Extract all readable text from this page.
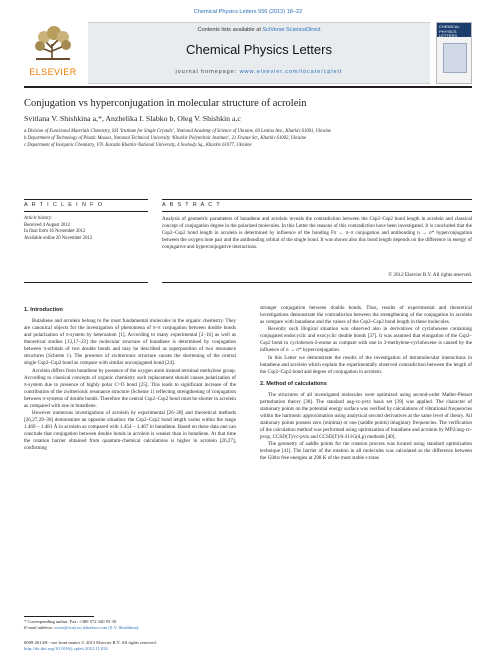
Chemical Physics Letters 556 (2013) 18–22
ELSEVIER
Contents lists available at SciVerse ScienceDirect
Chemical Physics Letters
journal homepage: www.elsevier.com/locate/cplett
CHEMICAL PHYSICS LETTERS
Conjugation vs hyperconjugation in molecular structure of acrolein
Svitlana V. Shishkina a,*, Anzhelika I. Slabko b, Oleg V. Shishkin a,c
a Division of Functional Materials Chemistry, SSI ‘Institute for Single Crystals’, National Academy of Science of Ukraine, 60 Lenina Ave., Kharkiv 61001, Ukraine
b Department of Technology of Plastic Masses, National Technical University ‘Kharkiv Polytechnic Institute’, 21 Frunze Str., Kharkiv 61002, Ukraine
c Department of Inorganic Chemistry, V.N. Karazin Kharkiv National University, 4 Svobody Sq., Kharkiv 61077, Ukraine
A R T I C L E I N F O	A B S T R A C T
Article history:
Received 4 August 2012
In final form 16 November 2012
Available online 20 November 2012
Analysis of geometric parameters of butadiene and acrolein reveals the contradiction between the Csp2–Csp2 bond length in acrolein and classical concept of conjugation degree in the polarized molecules. In this Letter the reasons of this contradiction have been investigated. It is concluded that the Csp2–Csp2 bond length in acrolein is determined by influence of the bonding Fπ ← π–π conjugation and antibonding n → σ* hyperconjugation between the oxygen lone pair and the antibonding orbital of the single bond. It was shown also this bond length depends on the difference in energy of conjugative and hyperconjugative interactions.
© 2012 Elsevier B.V. All rights reserved.
1. Introduction

Butadiene and acrolein belong to the most fundamental molecules in the organic chemistry. They are canonical objects for the investigation of phenomena of π–π conjugation between double bonds and polarization of π-system by heteroatom [1]. According to many experimental [2–16] as well as theoretical studies [13,17–23] the molecular structure of butadiene is determined by conjugation between π-orbitals of two double bonds and may be described as superposition of two resonance structures (Scheme 1). The presence of zwitterionic structure causes the shortening of the central single Csp2–Csp2 bond as compare with similar unconjugated bond [24].

Acrolein differs from butadiene by presence of the oxygen atom instead terminal methylene group. According to classical concepts of organic chemistry such replacement should causes polarization of π-system due to presence of highly polar C=O bond [25]. This leads to significant increase of the contribution of the zwitterionic resonance structure (Scheme 1) reflecting strengthening of conjugation between π-systems of double bonds. Therefore the central Csp2–Csp2 bond must be shorter in acrolein as compared with one in butadiene.

However numerous investigations of acrolein by experimental [26–28] and theoretical methods [26,27,29–36] demonstrate an opposite situation: the Csp2–Csp2 bond length varies within the range 1.469 – 1.481 Å in acrolein as compared with 1.454 – 1.467 in butadiene. Based on these data one can conclude that conjugation between double bonds in acrolein is weaker than in butadiene. At that time the rotation barrier obtained from quantum-chemical calculations is higher in acrolein [26,27], confirming

stronger conjugation between double bonds. Thus, results of experimental and theoretical investigations demonstrate the contradiction between the strengthening of the conjugation in acrolein as compare with butadiene and the values of the Csp2–Csp2 bond length in these molecules.

Recently such illogical situation was observed also in derivatives of cyclohexene containing conjugated endocyclic and exocyclic double bonds [37]. It was assumed that elongation of the Csp2–Csp2 bond in cyclohexen-2-enone as compare with one in 3-methylene-cyclohexene is caused by the influence of n → σ* hyperconjugation.

In this Letter we demonstrate the results of the investigation of intramolecular interactions in butadiene and acrolein which explain the experimentally observed contradiction between the length of the Csp2–Csp2 bond and degree of conjugation in acrolein.

2. Method of calculations

The structures of all investigated molecules were optimized using second-order Møller-Plesset perturbation theory [38]. The standard aug-cc-pvtz basis set [39] was applied. The character of stationary points on the potential energy surface was verified by calculations of vibrational frequencies within the harmonic approximation using analytical second derivatives at the same level of theory. All stationary points possess zero (minima) or one (saddle points) imaginary frequencies. The verification of the calculation method was performed using optimization of butadiene and acrolein by MP2/aug-cc-pvqz, CCSD(T)/cc-pvtz and CCSD(T)/6-311G(d,p) methods [40].

The geometry of saddle points for the rotation process was located using standard optimization technique [41]. The barrier of the rotation in all molecules was calculated as the difference between the Gibbs free energies at 298 K of the most stable s-trans

* Corresponding author. Fax: +380 572 340 93 39.
E-mail address: sveta@xray.isc.kharkov.com (S.V. Shishkina).
0009-2614/$ - see front matter © 2012 Elsevier B.V. All rights reserved.
http://dx.doi.org/10.1016/j.cplett.2012.11.032
